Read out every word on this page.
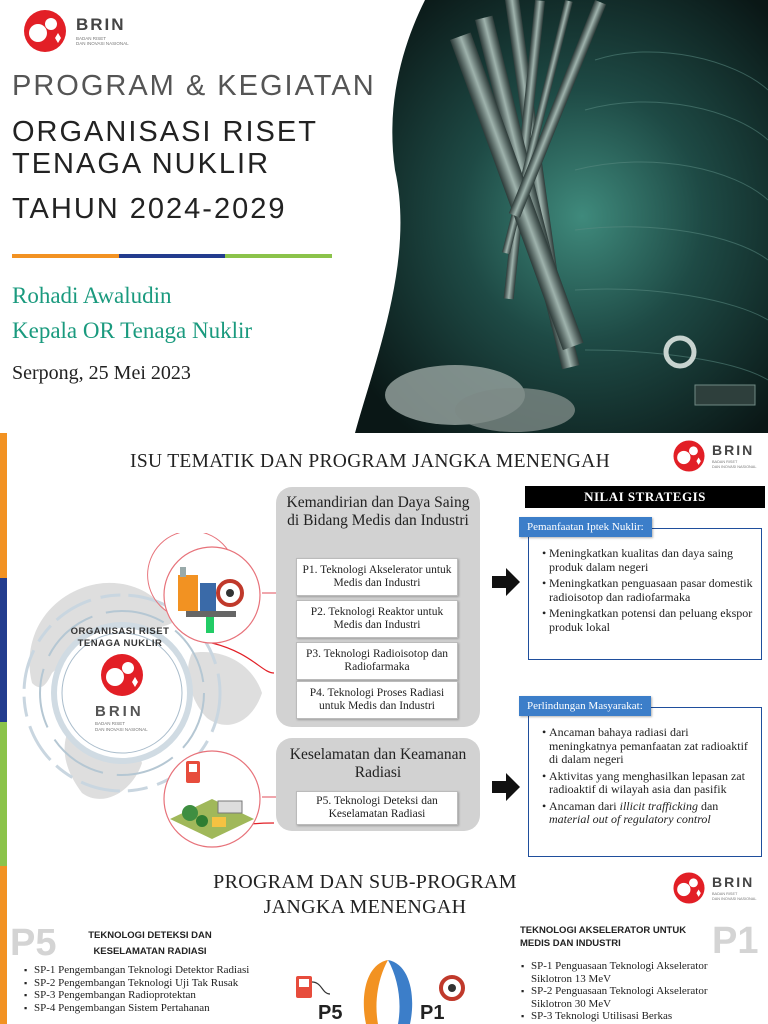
BRIN
BADAN RISET
DAN INOVASI NASIONAL
PROGRAM & KEGIATAN
ORGANISASI RISET
TENAGA NUKLIR
TAHUN 2024-2029
Rohadi Awaludin
Kepala OR Tenaga Nuklir
Serpong, 25 Mei 2023
ISU TEMATIK DAN PROGRAM JANGKA MENENGAH
BRIN
BADAN RISET
DAN INOVASI NASIONAL
ORGANISASI RISET
TENAGA NUKLIR
BRIN
BADAN RISET
DAN INOVASI NASIONAL
Kemandirian dan Daya Saing di Bidang Medis dan Industri
P1. Teknologi Akselerator untuk Medis dan Industri
P2. Teknologi Reaktor untuk Medis dan Industri
P3. Teknologi Radioisotop dan Radiofarmaka
P4. Teknologi Proses Radiasi untuk Medis dan Industri
Keselamatan dan Keamanan Radiasi
P5. Teknologi Deteksi dan Keselamatan Radiasi
NILAI STRATEGIS
Pemanfaatan Iptek Nuklir:
• Meningkatkan kualitas dan daya saing produk dalam negeri
• Meningkatkan penguasaan pasar domestik radioisotop dan radiofarmaka
• Meningkatkan potensi dan peluang ekspor produk lokal
Perlindungan Masyarakat:
• Ancaman bahaya radiasi dari meningkatnya pemanfaatan zat radioaktif di dalam negeri
• Aktivitas yang menghasilkan lepasan zat radioaktif di wilayah asia dan pasifik
• Ancaman dari illicit trafficking dan material out of regulatory control
PROGRAM DAN SUB-PROGRAM
JANGKA MENENGAH
BRIN
BADAN RISET
DAN INOVASI NASIONAL
P5	P1
TEKNOLOGI DETEKSI DAN
KESELAMATAN RADIASI
TEKNOLOGI AKSELERATOR UNTUK
MEDIS DAN INDUSTRI
▪ SP-1 Pengembangan Teknologi Detektor Radiasi
▪ SP-2 Pengembangan Teknologi Uji Tak Rusak
▪ SP-3 Pengembangan Radioprotektan
▪ SP-4 Pengembangan Sistem Pertahanan
▪ SP-1 Penguasaan Teknologi Akselerator Siklotron 13 MeV
▪ SP-2 Penguasaan Teknologi Akselerator Siklotron 30 MeV
▪ SP-3 Teknologi Utilisasi Berkas
P5	P1
